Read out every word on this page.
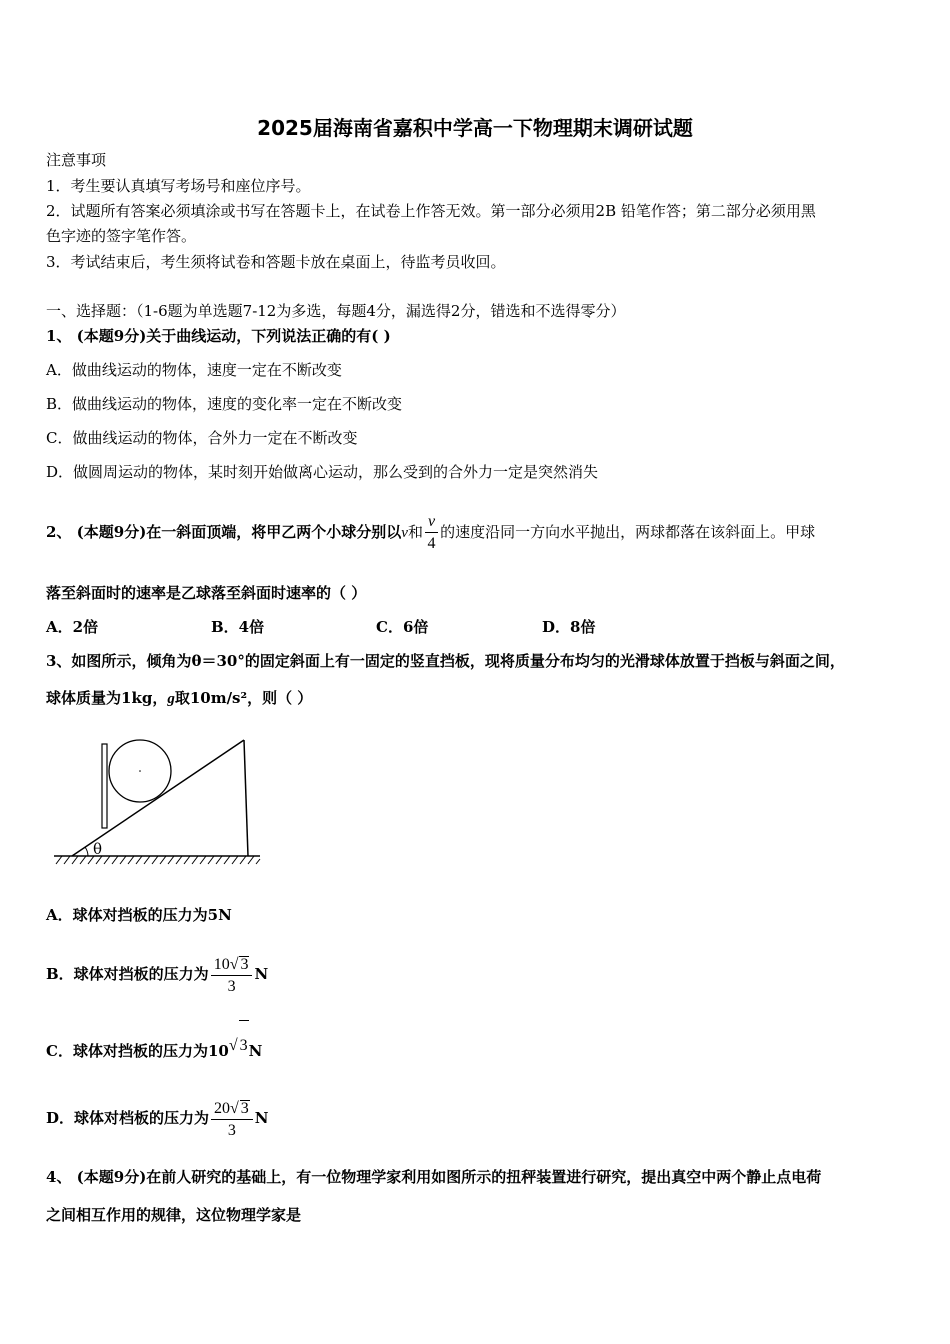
2025届海南省嘉积中学高一下物理期末调研试题
注意事项
1．考生要认真填写考场号和座位序号。
2．试题所有答案必须填涂或书写在答题卡上，在试卷上作答无效。第一部分必须用2B 铅笔作答；第二部分必须用黑
色字迹的签字笔作答。
3．考试结束后，考生须将试卷和答题卡放在桌面上，待监考员收回。
一、选择题：（1-6题为单选题7-12为多选，每题4分，漏选得2分，错选和不选得零分）
1、 (本题9分)关于曲线运动，下列说法正确的有( )
A．做曲线运动的物体，速度一定在不断改变
B．做曲线运动的物体，速度的变化率一定在不断改变
C．做曲线运动的物体，合外力一定在不断改变
D．做圆周运动的物体，某时刻开始做离心运动，那么受到的合外力一定是突然消失
2、 (本题9分)在一斜面顶端，将甲乙两个小球分别以v和 $\frac{v}{4}$ 的速度沿同一方向水平抛出，两球都落在该斜面上。甲球
落至斜面时的速率是乙球落至斜面时速率的（ ）
A．2倍	B．4倍	C．6倍	D．8倍
3、如图所示，倾角为θ＝30°的固定斜面上有一固定的竖直挡板，现将质量分布均匀的光滑球体放置于挡板与斜面之间，
球体质量为1kg，g取10m/s²，则（ ）
θ
A．球体对挡板的压力为5N
B．球体对挡板的压力为 $\frac{10√ 3}{3}$ N
C．球体对挡板的压力为10√ 3N
D．球体对档板的压力为 $\frac{20√ 3}{3}$ N
4、 (本题9分)在前人研究的基础上，有一位物理学家利用如图所示的扭秤装置进行研究，提出真空中两个静止点电荷
之间相互作用的规律，这位物理学家是
